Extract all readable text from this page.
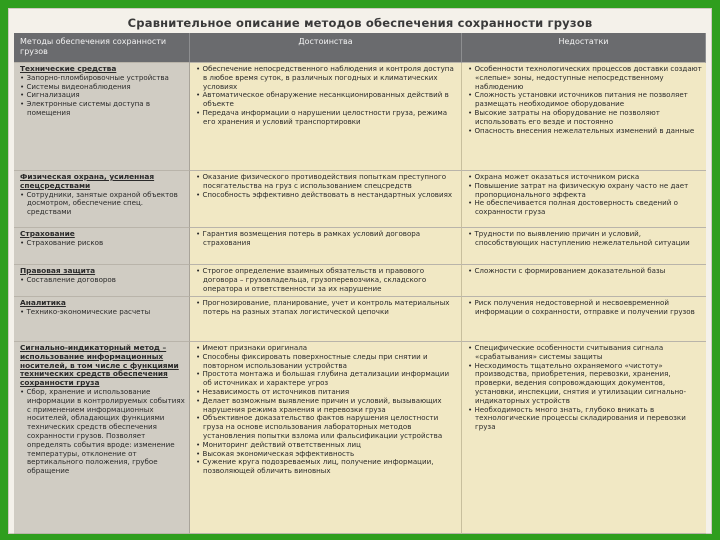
Сравнительное описание методов обеспечения сохранности грузов
Методы обеспечения сохранности грузов
Достоинства	Недостатки
Технические средства
• Запорно-пломбировочные устройства
• Системы видеонаблюдения
• Сигнализация
• Электронные системы доступа в помещения
• Обеспечение непосредственного наблюдения и контроля доступа в любое время суток, в различных погодных и климатических условиях
• Автоматическое обнаружение несанкционированных действий в объекте
• Передача информации о нарушении целостности груза, режима его хранения и условий транспортировки
• Особенности технологических процессов доставки создают «слепые» зоны, недоступные непосредственному наблюдению
• Сложность установки источников питания не позволяет размещать необходимое оборудование
• Высокие затраты на оборудование не позволяют использовать его везде и постоянно
• Опасность внесения нежелательных изменений в данные
Физическая охрана, усиленная спецсредствами
• Сотрудники, занятые охраной объектов досмотром, обеспечение спец. средствами
• Оказание физического противодействия попыткам преступного посягательства на груз с использованием спецсредств
• Способность эффективно действовать в нестандартных условиях
• Охрана может оказаться источником риска
• Повышение затрат на физическую охрану часто не дает пропорционального эффекта
• Не обеспечивается полная достоверность сведений о сохранности груза
Страхование
• Страхование рисков
• Гарантия возмещения потерь в рамках условий договора страхования
• Трудности по выявлению причин и условий, способствующих наступлению нежелательной ситуации
Правовая защита
• Составление договоров
• Строгое определение взаимных обязательств и правового договора – грузовладельца, грузоперевозчика, складского оператора и ответственности за их нарушение
• Сложности с формированием доказательной базы
Аналитика
• Технико-экономические расчеты
• Прогнозирование, планирование, учет и контроль материальных потерь на разных этапах логистической цепочки
• Риск получения недостоверной и несвоевременной информации о сохранности, отправке и получении грузов
Сигнально-индикаторный метод – использование информационных носителей, в том числе с функциями технических средств обеспечения сохранности груза
• Сбор, хранение и использование информации в контролируемых событиях с применением информационных носителей, обладающих функциями технических средств обеспечения сохранности грузов. Позволяет определять события вроде: изменение температуры, отклонение от вертикального положения, грубое обращение
• Имеют признаки оригинала
• Способны фиксировать поверхностные следы при снятии и повторном использовании устройства
• Простота монтажа и большая глубина детализации информации об источниках и характере угроз
• Независимость от источников питания
• Делает возможным выявление причин и условий, вызывающих нарушения режима хранения и перевозки груза
• Объективное доказательство фактов нарушения целостности груза на основе использования лабораторных методов установления попытки взлома или фальсификации устройства
• Мониторинг действий ответственных лиц
• Высокая экономическая эффективность
• Сужение круга подозреваемых лиц, получение информации, позволяющей обличить виновных
• Специфические особенности считывания сигнала «срабатывания» системы защиты
• Несходимость тщательно охраняемого «чистоту» производства, приобретения, перевозки, хранения, проверки, ведения сопровождающих документов, установки, инспекции, снятия и утилизации сигнально-индикаторных устройств
• Необходимость много знать, глубоко вникать в технологические процессы складирования и перевозки груза
